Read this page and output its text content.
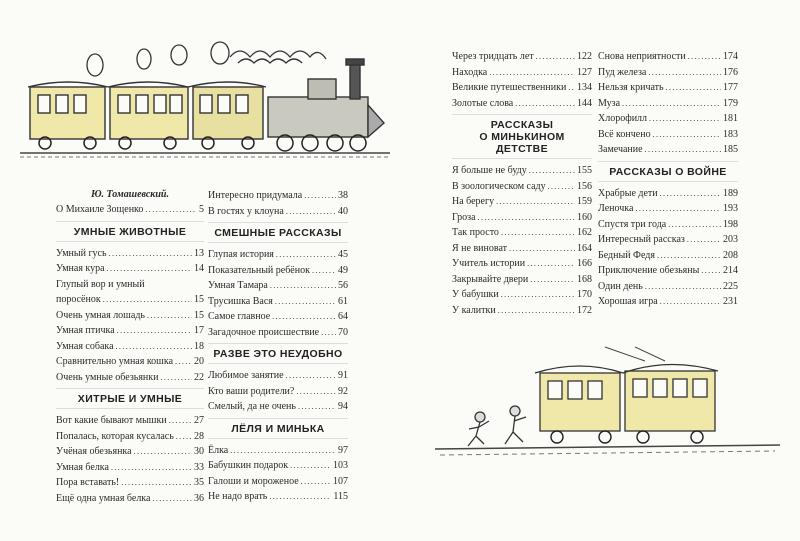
Ю. Томашевский.
О Михаиле Зощенко . . .	5
УМНЫЕ ЖИВОТНЫЕ
Умный гусь . . .	13
Умная кура . . .	14
Глупый вор и умный
поросёнок . . .	15
Очень умная лошадь . . .	15
Умная птичка . . .	17
Умная собака . . .	18
Сравнительно умная кошка . . . 20
Очень умные обезьянки . . .	22
ХИТРЫЕ И УМНЫЕ
Вот какие бывают мышки . . .	27
Попалась, которая кусалась . . . 28
Учёная обезьянка . . .	30
Умная белка . . .	33
Пора вставать! . . .	35
Ещё одна умная белка . . .	36
Интересно придумала . . .	38
В гостях у клоуна . . .	40
СМЕШНЫЕ РАССКАЗЫ
Глупая история . . .	45
Показательный ребёнок . . .	49
Умная Тамара . . .	56
Трусишка Вася . . .	61
Самое главное . . .	64
Загадочное происшествие . . . 70
РАЗВЕ ЭТО НЕУДОБНО
Любимое занятие . . .	91
Кто ваши родители? . . .	92
Смелый, да не очень . . .	94
ЛЁЛЯ И МИНЬКА
Ёлка . . .	97
Бабушкин подарок . . .	103
Галоши и мороженое . . .	107
Не надо врать . . .	115
Через тридцать лет . . .	122
Находка . . .	127
Великие путешественники . . . 134
Золотые слова . . .	144
РАССКАЗЫ
О МИНЬКИНОМ ДЕТСТВЕ
Я больше не буду . . .	155
В зоологическом саду . . .	156
На берегу . . .	159
Гроза . . .	160
Так просто . . .	162
Я не виноват . . .	164
Учитель истории . . .	166
Закрывайте двери . . .	168
У бабушки . . .	170
У калитки . . .	172
Снова неприятности . . .	174
Пуд железа . . .	176
Нельзя кричать . . .	177
Муза . . .	179
Хлорофилл . . .	181
Всё кончено . . .	183
Замечание . . .	185
РАССКАЗЫ О ВОЙНЕ
Храбрые дети . . .	189
Леночка . . .	193
Спустя три года . . .	198
Интересный рассказ . . .	203
Бедный Федя . . .	208
Приключение обезьяны . . . 214
Один день . . .	225
Хорошая игра . . .	231
